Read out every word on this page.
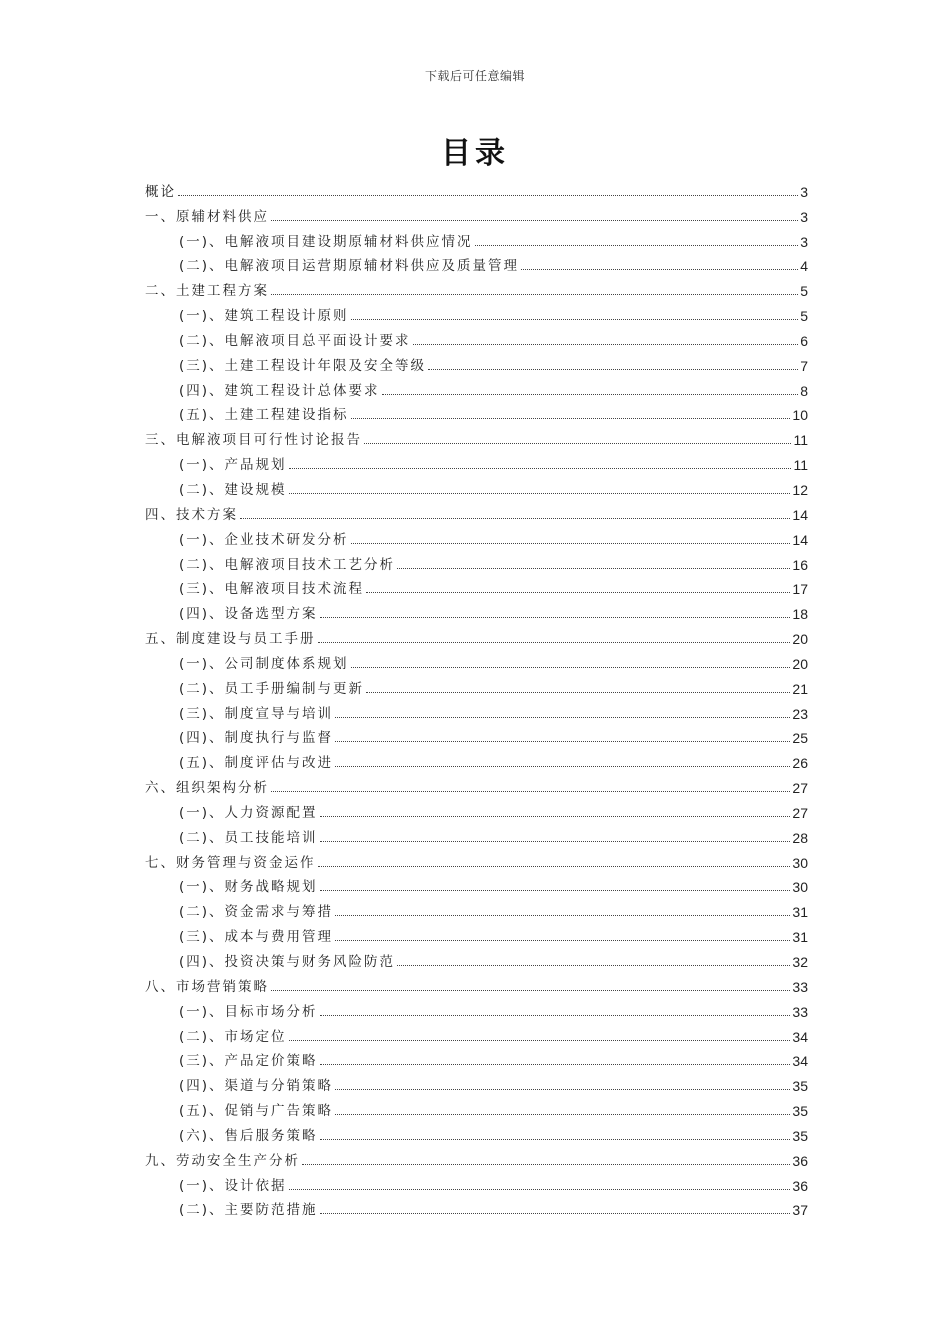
下载后可任意编辑
目录
概论	3
一、原辅材料供应	3
(一)、电解液项目建设期原辅材料供应情况	3
(二)、电解液项目运营期原辅材料供应及质量管理	4
二、土建工程方案	5
(一)、建筑工程设计原则	5
(二)、电解液项目总平面设计要求	6
(三)、土建工程设计年限及安全等级	7
(四)、建筑工程设计总体要求	8
(五)、土建工程建设指标	10
三、电解液项目可行性讨论报告	11
(一)、产品规划	11
(二)、建设规模	12
四、技术方案	14
(一)、企业技术研发分析	14
(二)、电解液项目技术工艺分析	16
(三)、电解液项目技术流程	17
(四)、设备选型方案	18
五、制度建设与员工手册	20
(一)、公司制度体系规划	20
(二)、员工手册编制与更新	21
(三)、制度宣导与培训	23
(四)、制度执行与监督	25
(五)、制度评估与改进	26
六、组织架构分析	27
(一)、人力资源配置	27
(二)、员工技能培训	28
七、财务管理与资金运作	30
(一)、财务战略规划	30
(二)、资金需求与筹措	31
(三)、成本与费用管理	31
(四)、投资决策与财务风险防范	32
八、市场营销策略	33
(一)、目标市场分析	33
(二)、市场定位	34
(三)、产品定价策略	34
(四)、渠道与分销策略	35
(五)、促销与广告策略	35
(六)、售后服务策略	35
九、劳动安全生产分析	36
(一)、设计依据	36
(二)、主要防范措施	37
